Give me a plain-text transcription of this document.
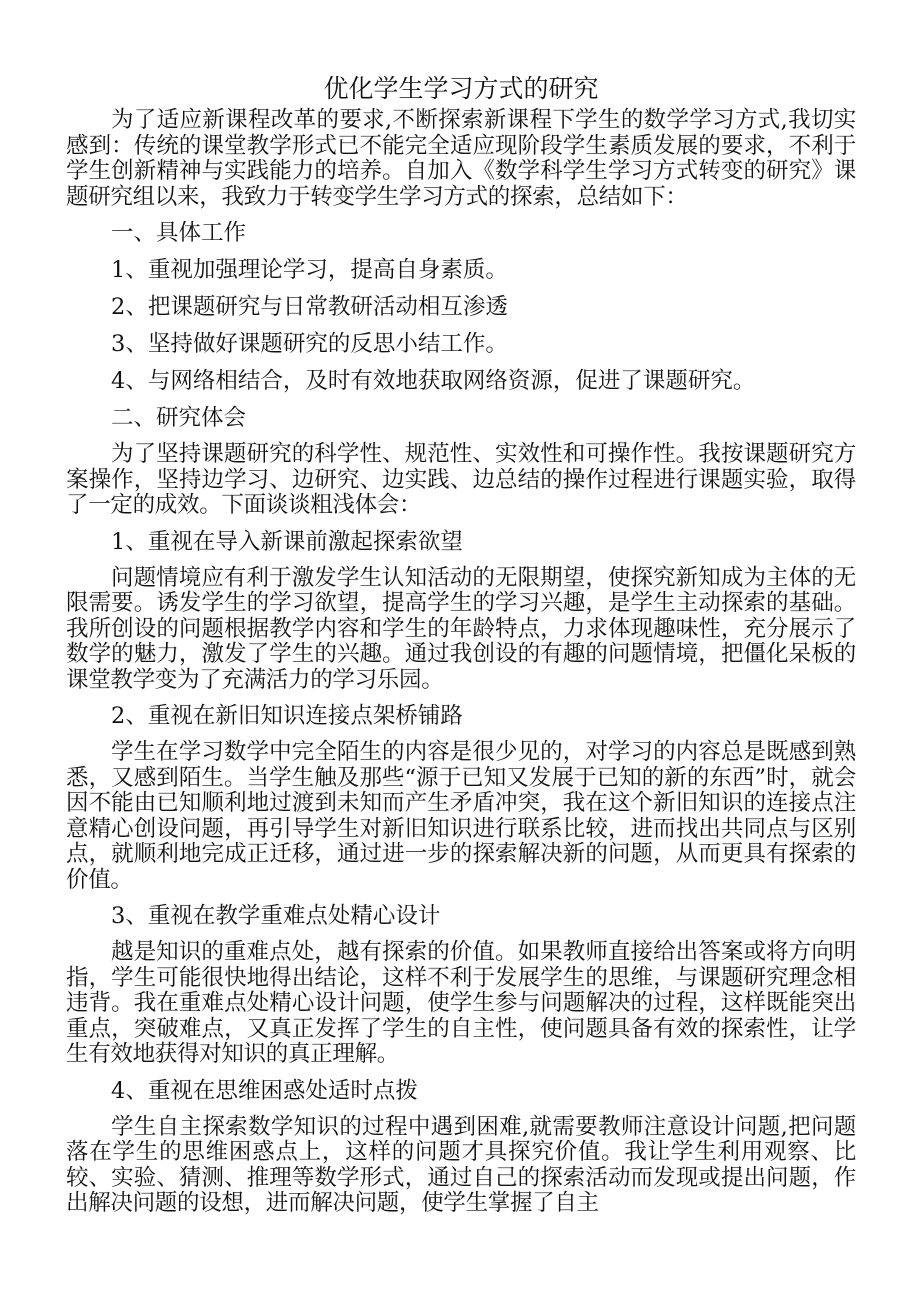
优化学生学习方式的研究

为了适应新课程改革的要求,不断探索新课程下学生的数学学习方式,我切实感到：传统的课堂教学形式已不能完全适应现阶段学生素质发展的要求，不利于学生创新精神与实践能力的培养。自加入《数学科学生学习方式转变的研究》课题研究组以来，我致力于转变学生学习方式的探索，总结如下：

一、具体工作

1、重视加强理论学习，提高自身素质。

2、把课题研究与日常教研活动相互渗透

3、坚持做好课题研究的反思小结工作。

4、与网络相结合，及时有效地获取网络资源，促进了课题研究。

二、研究体会

为了坚持课题研究的科学性、规范性、实效性和可操作性。我按课题研究方案操作，坚持边学习、边研究、边实践、边总结的操作过程进行课题实验，取得了一定的成效。下面谈谈粗浅体会：

1、重视在导入新课前激起探索欲望

问题情境应有利于激发学生认知活动的无限期望，使探究新知成为主体的无限需要。诱发学生的学习欲望，提高学生的学习兴趣，是学生主动探索的基础。我所创设的问题根据教学内容和学生的年龄特点，力求体现趣味性，充分展示了数学的魅力，激发了学生的兴趣。通过我创设的有趣的问题情境，把僵化呆板的课堂教学变为了充满活力的学习乐园。

2、重视在新旧知识连接点架桥铺路

学生在学习数学中完全陌生的内容是很少见的，对学习的内容总是既感到熟悉，又感到陌生。当学生触及那些“源于已知又发展于已知的新的东西”时，就会因不能由已知顺利地过渡到未知而产生矛盾冲突，我在这个新旧知识的连接点注意精心创设问题，再引导学生对新旧知识进行联系比较，进而找出共同点与区别点，就顺利地完成正迁移，通过进一步的探索解决新的问题，从而更具有探索的价值。

3、重视在教学重难点处精心设计

越是知识的重难点处，越有探索的价值。如果教师直接给出答案或将方向明指，学生可能很快地得出结论，这样不利于发展学生的思维，与课题研究理念相违背。我在重难点处精心设计问题，使学生参与问题解决的过程，这样既能突出重点，突破难点，又真正发挥了学生的自主性，使问题具备有效的探索性，让学生有效地获得对知识的真正理解。

4、重视在思维困惑处适时点拨

学生自主探索数学知识的过程中遇到困难,就需要教师注意设计问题,把问题落在学生的思维困惑点上，这样的问题才具探究价值。我让学生利用观察、比较、实验、猜测、推理等数学形式，通过自己的探索活动而发现或提出问题，作出解决问题的设想，进而解决问题，使学生掌握了自主
